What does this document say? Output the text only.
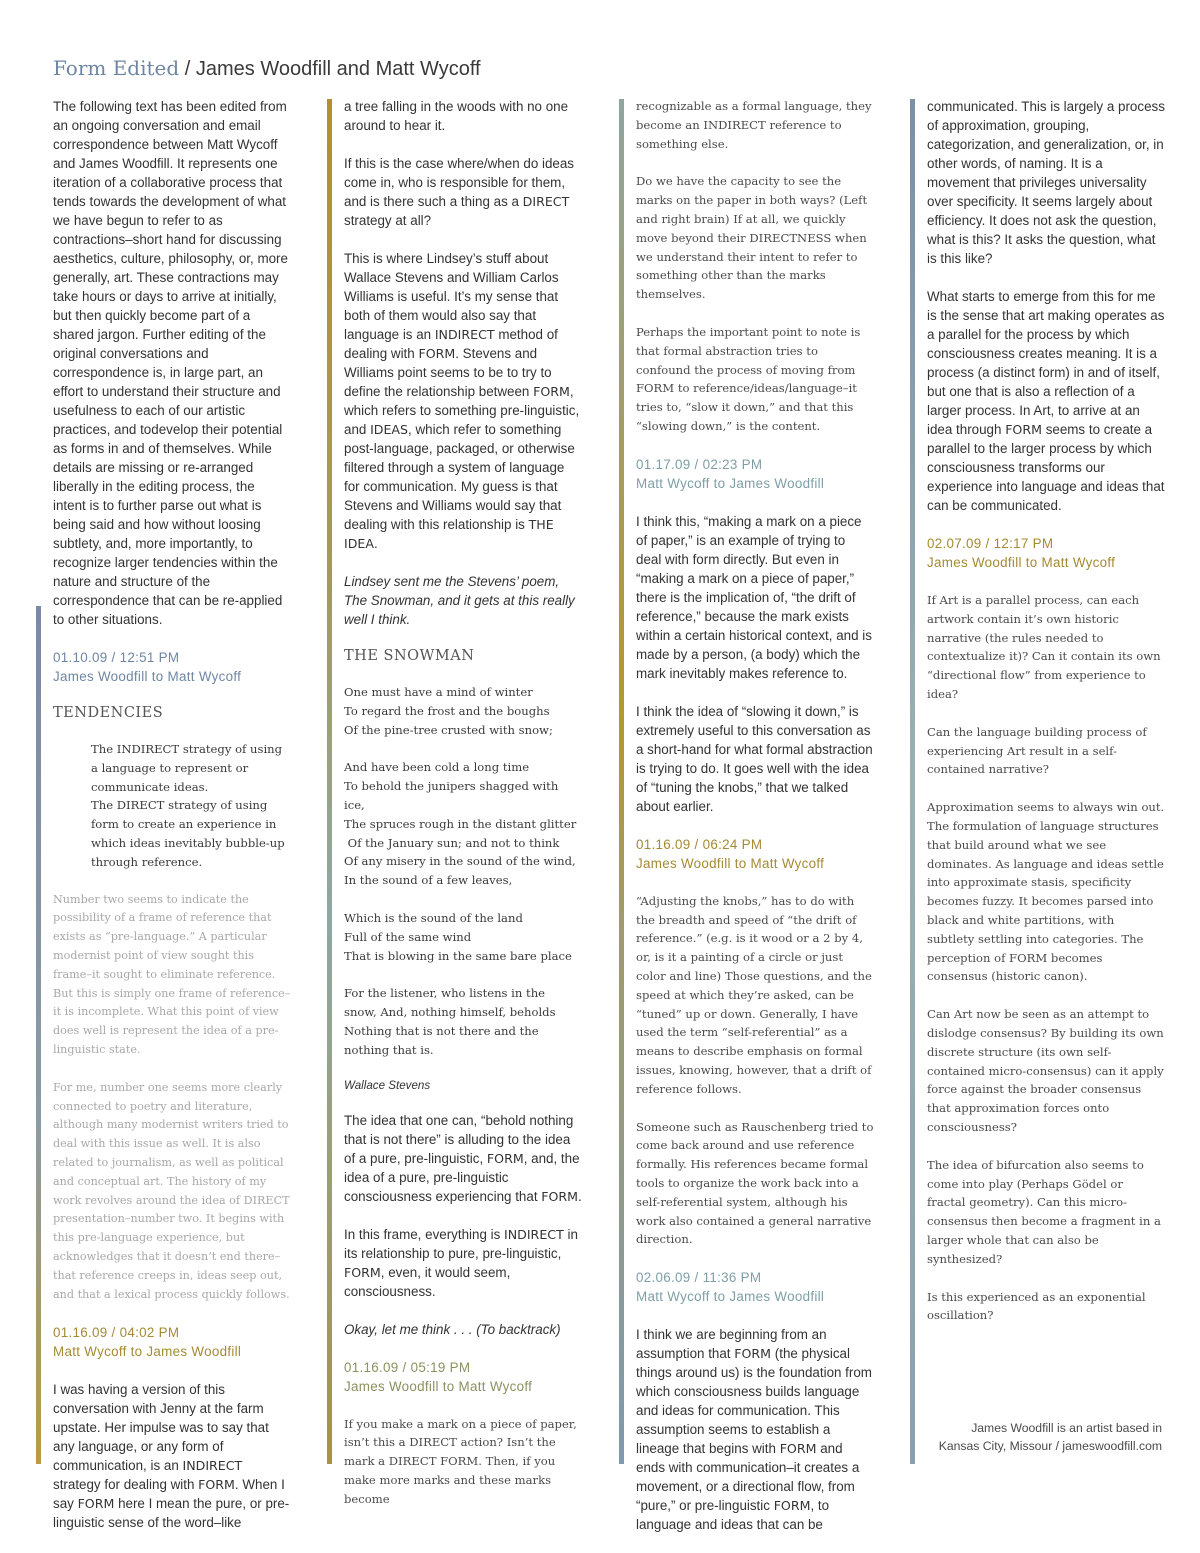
Form Edited / James Woodfill and Matt Wycoff

The following text has been edited from an ongoing conversation and email correspondence between Matt Wycoff and James Woodfill. It represents one iteration of a collaborative process that tends towards the development of what we have begun to refer to as contractions–short hand for discussing aesthetics, culture, philosophy, or, more generally, art. These contractions may take hours or days to arrive at initially, but then quickly become part of a shared jargon. Further editing of the original conversations and correspondence is, in large part, an effort to understand their structure and usefulness to each of our artistic practices, and todevelop their potential as forms in and of themselves. While details are missing or re-arranged liberally in the editing process, the intent is to further parse out what is being said and how without loosing subtlety, and, more importantly, to recognize larger tendencies within the nature and structure of the correspondence that can be re-applied to other situations.

01.10.09 / 12:51 PM
James Woodfill to Matt Wycoff
TENDENCIES
The INDIRECT strategy of using a language to represent or communicate ideas.
The DIRECT strategy of using form to create an experience in which ideas inevitably bubble-up through reference.

Number two seems to indicate the possibility of a frame of reference that exists as “pre-language.” A particular modernist point of view sought this frame–it sought to eliminate reference. But this is simply one frame of reference–it is incomplete. What this point of view does well is represent the idea of a pre-linguistic state.

For me, number one seems more clearly connected to poetry and literature, although many modernist writers tried to deal with this issue as well. It is also related to journalism, as well as political and conceptual art. The history of my work revolves around the idea of DIRECT presentation–number two. It begins with this pre-language experience, but acknowledges that it doesn’t end there–that reference creeps in, ideas seep out, and that a lexical process quickly follows.

01.16.09 / 04:02 PM
Matt Wycoff to James Woodfill

I was having a version of this conversation with Jenny at the farm upstate. Her impulse was to say that any language, or any form of communication, is an INDIRECT strategy for dealing with FORM. When I say FORM here I mean the pure, or pre-linguistic sense of the word–like

a tree falling in the woods with no one around to hear it.

If this is the case where/when do ideas come in, who is responsible for them, and is there such a thing as a DIRECT strategy at all?

This is where Lindsey’s stuff about Wallace Stevens and William Carlos Williams is useful. It’s my sense that both of them would also say that language is an INDIRECT method of dealing with FORM. Stevens and Williams point seems to be to try to define the relationship between FORM, which refers to something pre-linguistic, and IDEAS, which refer to something post-language, packaged, or otherwise filtered through a system of language for communication. My guess is that Stevens and Williams would say that dealing with this relationship is THE IDEA.

Lindsey sent me the Stevens’ poem, The Snowman, and it gets at this really well I think.

THE SNOWMAN
One must have a mind of winter
To regard the frost and the boughs
Of the pine-tree crusted with snow;
And have been cold a long time
To behold the junipers shagged with ice,
The spruces rough in the distant glitter
Of the January sun; and not to think
Of any misery in the sound of the wind,
In the sound of a few leaves,
Which is the sound of the land
Full of the same wind
That is blowing in the same bare place
For the listener, who listens in the
snow, And, nothing himself, beholds
Nothing that is not there and the
nothing that is.
Wallace Stevens

The idea that one can, “behold nothing that is not there” is alluding to the idea of a pure, pre-linguistic, FORM, and, the idea of a pure, pre-linguistic consciousness experiencing that FORM.

In this frame, everything is INDIRECT in its relationship to pure, pre-linguistic, FORM, even, it would seem, consciousness.

Okay, let me think . . . (To backtrack)

01.16.09 / 05:19 PM
James Woodfill to Matt Wycoff

If you make a mark on a piece of paper, isn’t this a DIRECT action? Isn’t the mark a DIRECT FORM. Then, if you make more marks and these marks become

recognizable as a formal language, they become an INDIRECT reference to something else.

Do we have the capacity to see the marks on the paper in both ways? (Left and right brain) If at all, we quickly move beyond their DIRECTNESS when we understand their intent to refer to something other than the marks themselves.

Perhaps the important point to note is that formal abstraction tries to confound the process of moving from FORM to reference/ideas/language–it tries to, “slow it down,” and that this “slowing down,” is the content.

01.17.09 / 02:23 PM
Matt Wycoff to James Woodfill

I think this, “making a mark on a piece of paper,” is an example of trying to deal with form directly. But even in “making a mark on a piece of paper,” there is the implication of, “the drift of reference,” because the mark exists within a certain historical context, and is made by a person, (a body) which the mark inevitably makes reference to.

I think the idea of “slowing it down,” is extremely useful to this conversation as a short-hand for what formal abstraction is trying to do. It goes well with the idea of “tuning the knobs,” that we talked about earlier.

01.16.09 / 06:24 PM
James Woodfill to Matt Wycoff

“Adjusting the knobs,” has to do with the breadth and speed of “the drift of reference.” (e.g. is it wood or a 2 by 4, or, is it a painting of a circle or just color and line) Those questions, and the speed at which they’re asked, can be “tuned” up or down. Generally, I have used the term “self-referential” as a means to describe emphasis on formal issues, knowing, however, that a drift of reference follows.

Someone such as Rauschenberg tried to come back around and use reference formally. His references became formal tools to organize the work back into a self-referential system, although his work also contained a general narrative direction.

02.06.09 / 11:36 PM
Matt Wycoff to James Woodfill

I think we are beginning from an assumption that FORM (the physical things around us) is the foundation from which consciousness builds language and ideas for communication. This assumption seems to establish a lineage that begins with FORM and ends with communication–it creates a movement, or a directional flow, from “pure,” or pre-linguistic FORM, to language and ideas that can be

communicated. This is largely a process of approximation, grouping, categorization, and generalization, or, in other words, of naming. It is a movement that privileges universality over specificity. It seems largely about efficiency. It does not ask the question, what is this? It asks the question, what is this like?

What starts to emerge from this for me is the sense that art making operates as a parallel for the process by which consciousness creates meaning. It is a process (a distinct form) in and of itself, but one that is also a reflection of a larger process. In Art, to arrive at an idea through FORM seems to create a parallel to the larger process by which consciousness transforms our experience into language and ideas that can be communicated.

02.07.09 / 12:17 PM
James Woodfill to Matt Wycoff

If Art is a parallel process, can each artwork contain it’s own historic narrative (the rules needed to contextualize it)? Can it contain its own “directional flow” from experience to idea?

Can the language building process of experiencing Art result in a self-contained narrative?

Approximation seems to always win out. The formulation of language structures that build around what we see dominates. As language and ideas settle into approximate stasis, specificity becomes fuzzy. It becomes parsed into black and white partitions, with subtlety settling into categories. The perception of FORM becomes consensus (historic canon).

Can Art now be seen as an attempt to dislodge consensus? By building its own discrete structure (its own self-contained micro-consensus) can it apply force against the broader consensus that approximation forces onto consciousness?

The idea of bifurcation also seems to come into play (Perhaps Gödel or fractal geometry). Can this micro-consensus then become a fragment in a larger whole that can also be synthesized?

Is this experienced as an exponential oscillation?

James Woodfill is an artist based in
Kansas City, Missour / jameswoodfill.com
